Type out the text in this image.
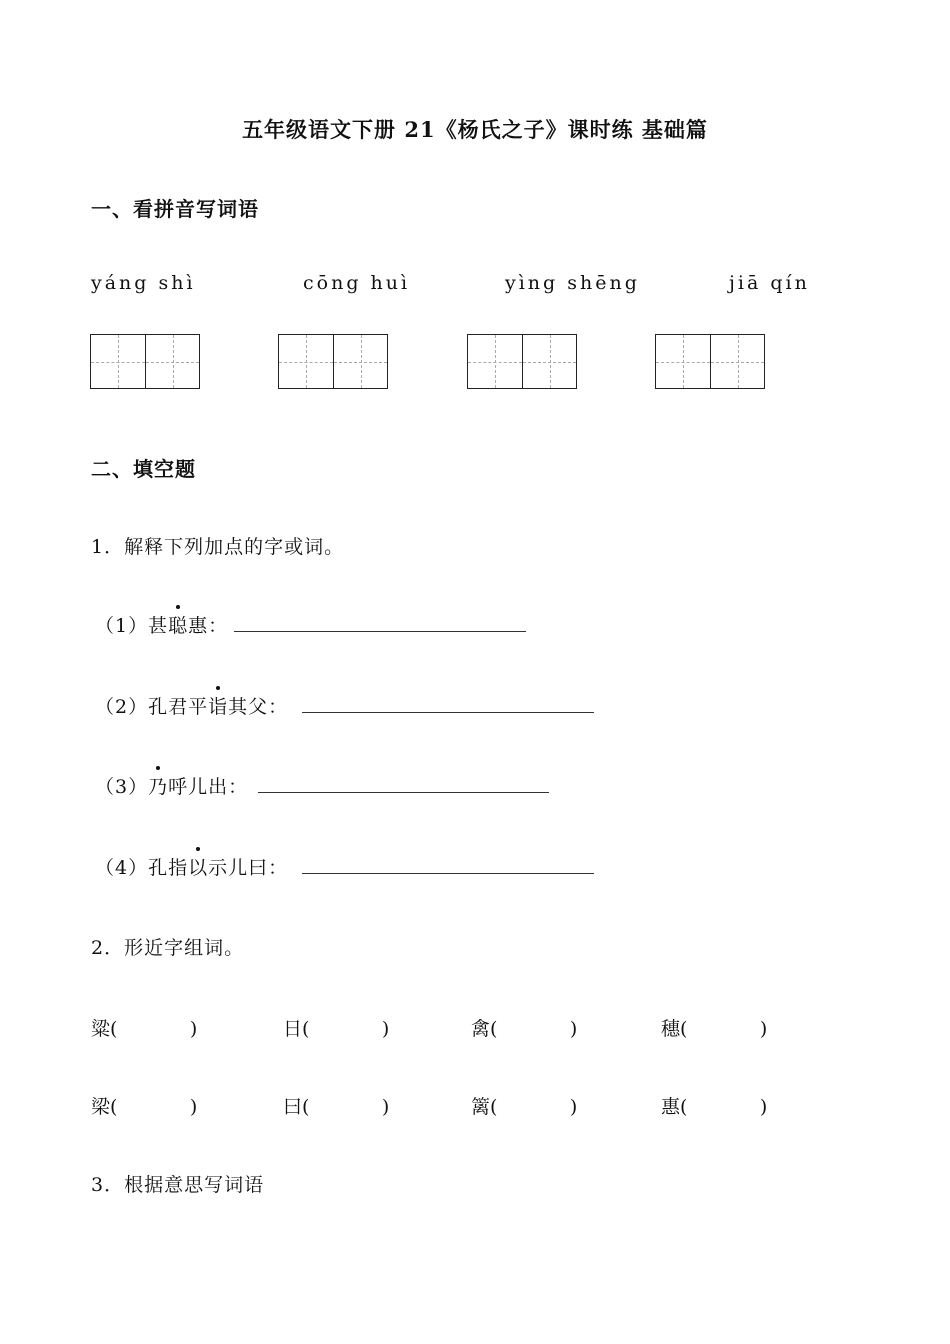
五年级语文下册 21《杨氏之子》课时练 基础篇
一、看拼音写词语
yáng shì	cōng huì	yìng shēng	jiā qín
二、填空题
1．解释下列加点的字或词。
（1）甚聪惠：
（2）孔君平诣其父：
（3）乃呼儿出：
（4）孔指以示儿曰：
2．形近字组词。
粱(            )	日(            )	禽(            )	穗(            )
梁(            )	曰(            )	篱(            )	惠(            )
3．根据意思写词语
